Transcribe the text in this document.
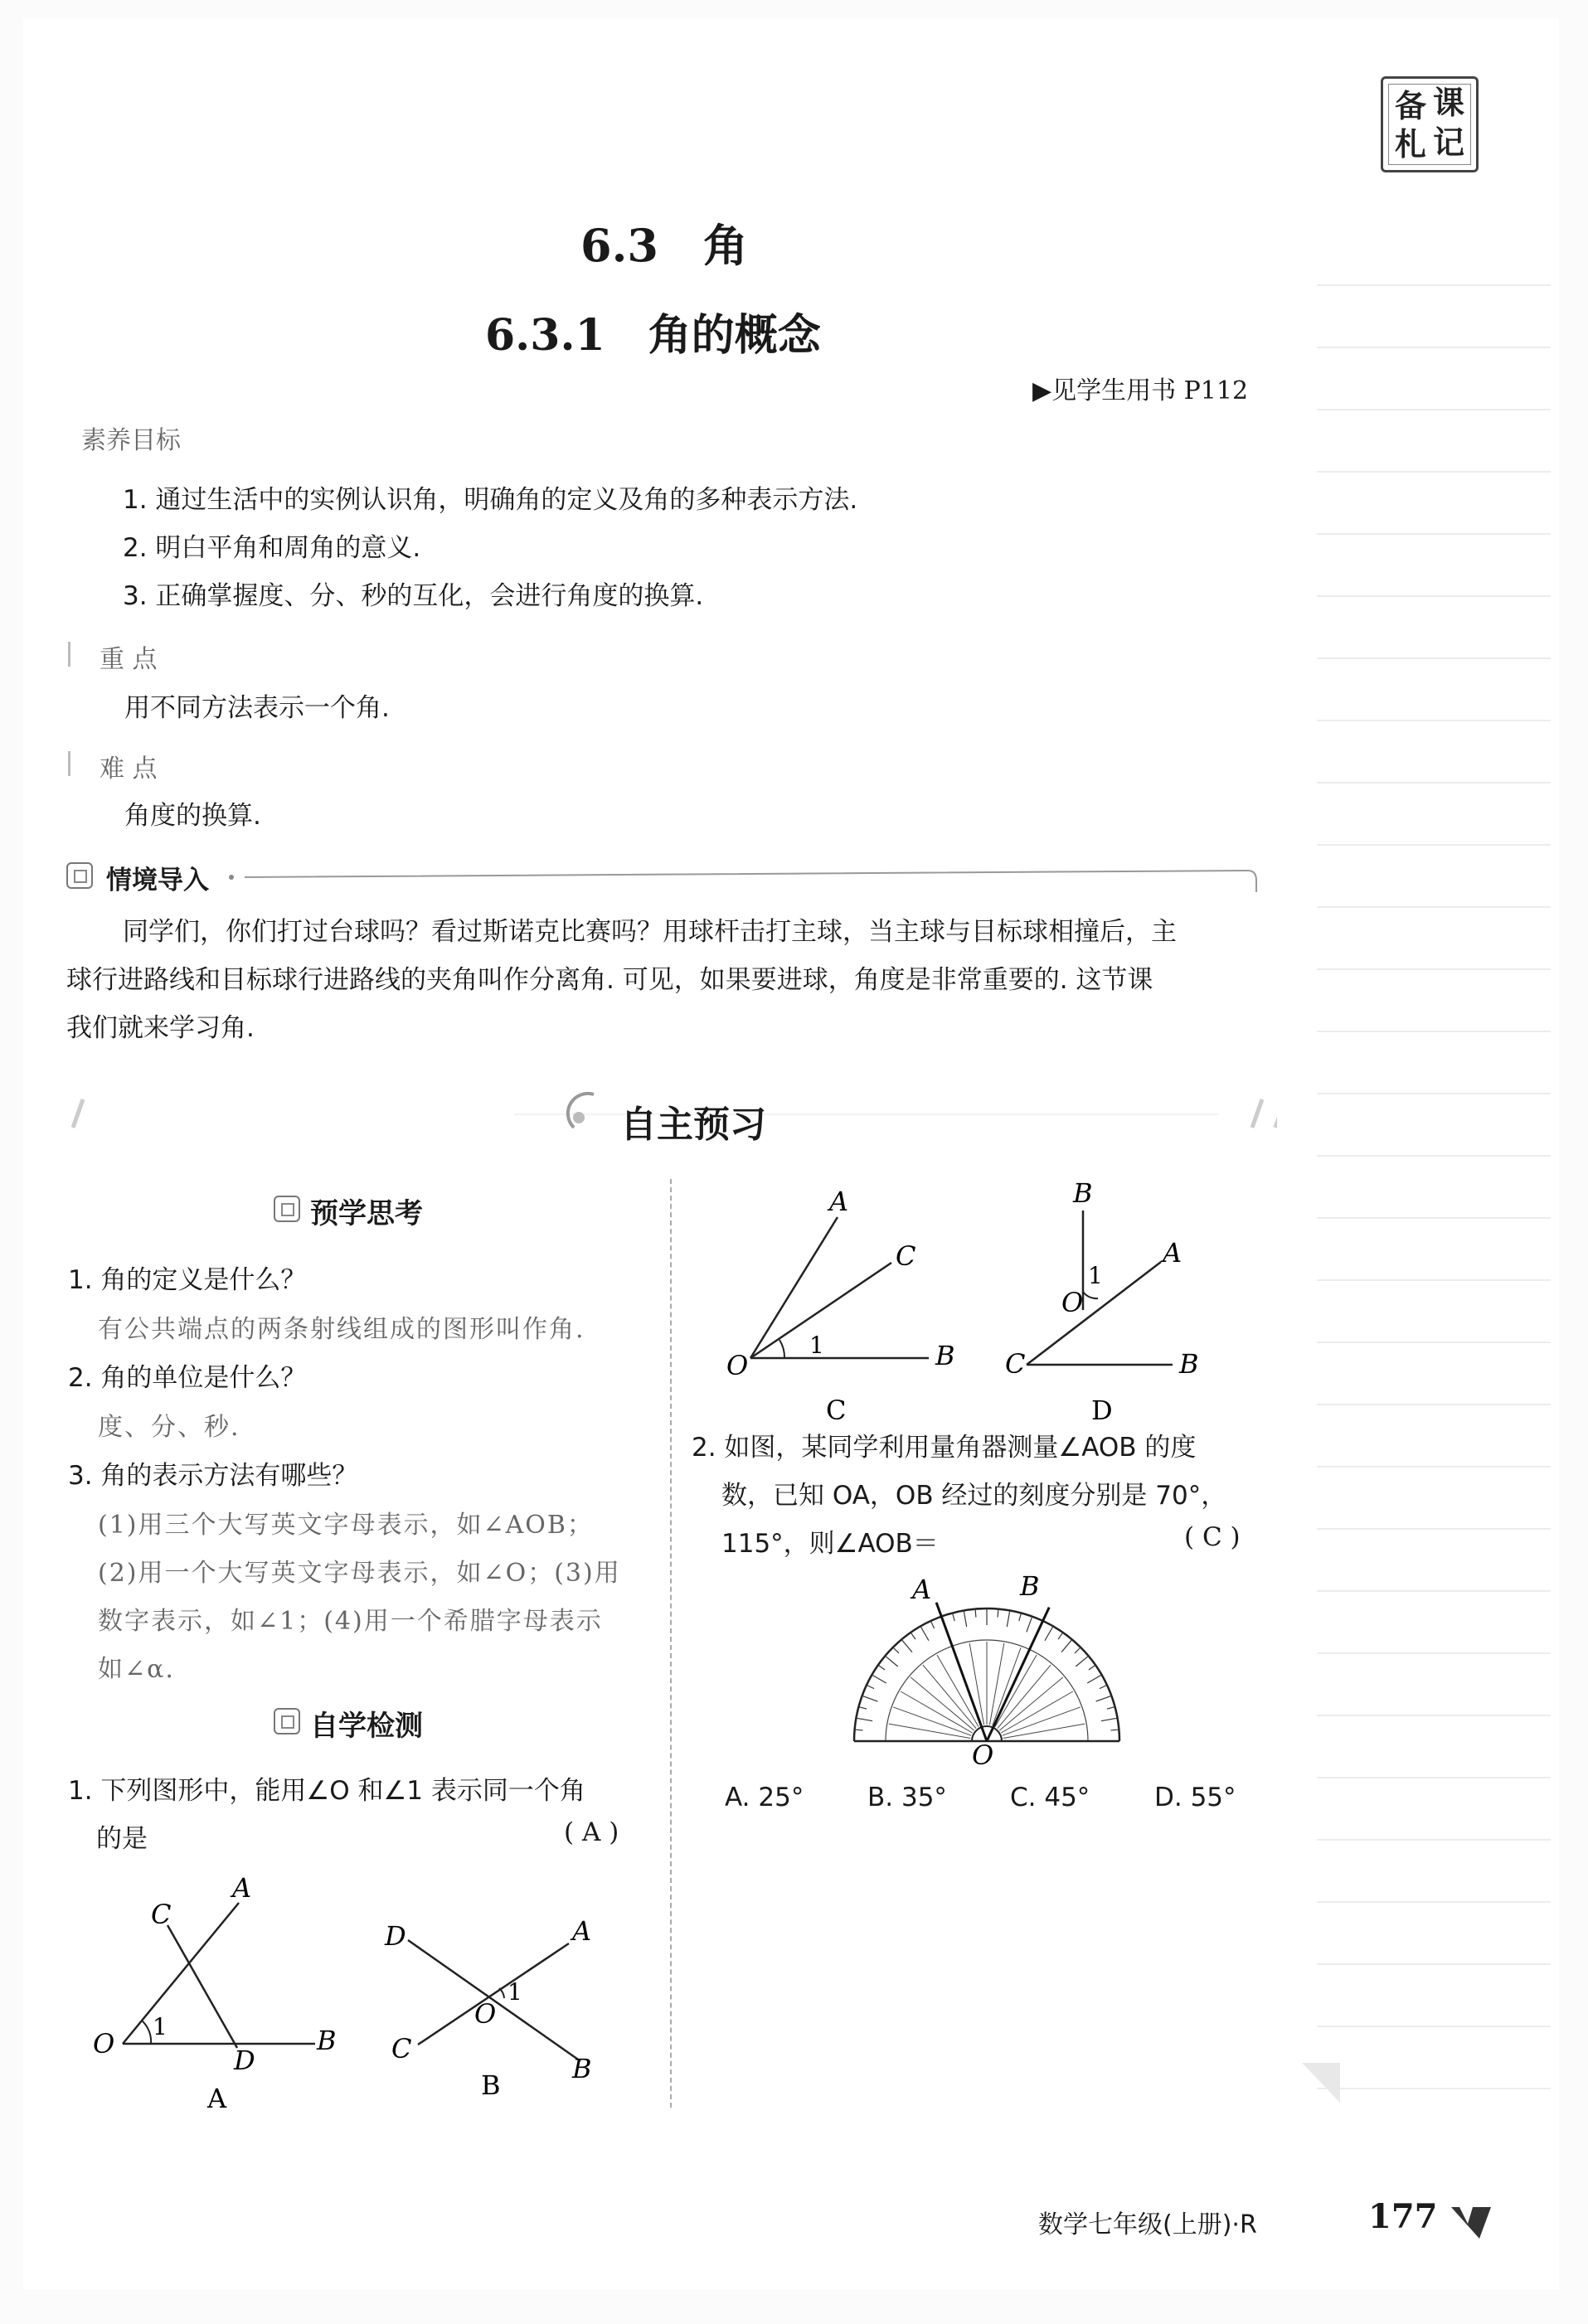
备 课
札 记
6.3　角
6.3.1　角的概念
▶见学生用书 P112
素养目标
1. 通过生活中的实例认识角，明确角的定义及角的多种表示方法.
2. 明白平角和周角的意义.
3. 正确掌握度、分、秒的互化，会进行角度的换算.
重 点
用不同方法表示一个角.
难 点
角度的换算.
情境导入
同学们，你们打过台球吗？看过斯诺克比赛吗？用球杆击打主球，当主球与目标球相撞后，主
球行进路线和目标球行进路线的夹角叫作分离角. 可见，如果要进球，角度是非常重要的. 这节课
我们就来学习角.
自主预习
预学思考
1. 角的定义是什么？
有公共端点的两条射线组成的图形叫作角.
2. 角的单位是什么？
度、分、秒.
3. 角的表示方法有哪些？
(1)用三个大写英文字母表示，如∠AOB；
(2)用一个大写英文字母表示，如∠O；(3)用
数字表示，如∠1；(4)用一个希腊字母表示
如∠α.
自学检测
1. 下列图形中，能用∠O 和∠1 表示同一个角
的是	( A )
A
C
O
1
D
B
A
D	A
O
1
C
B
B
A
C
1
O	B
C
B
1
A
O
C	B
D
2. 如图，某同学利用量角器测量∠AOB 的度
数，已知 OA，OB 经过的刻度分别是 70°，
115°，则∠AOB＝	( C )
A	B
O
A. 25° B. 35° C. 45°	D. 55°
数学七年级(上册)·R	177
